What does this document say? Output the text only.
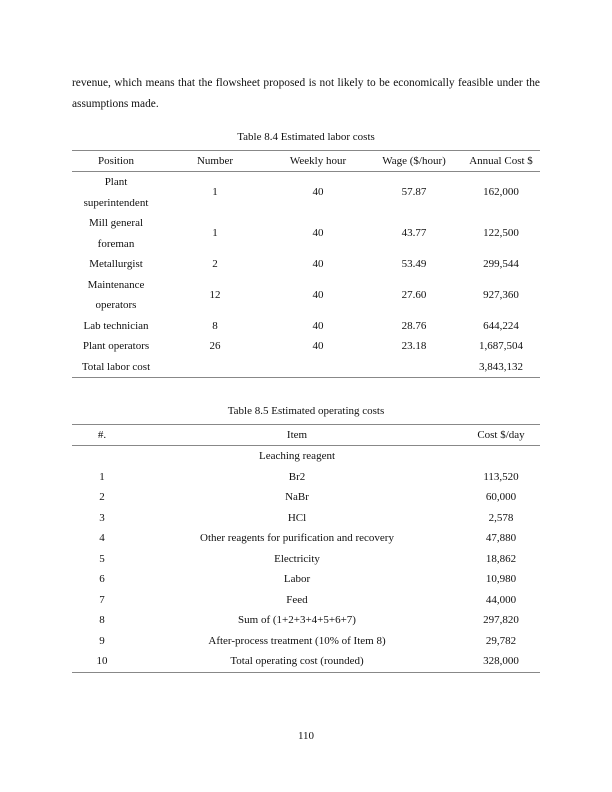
revenue, which means that the flowsheet proposed is not likely to be economically feasible under the assumptions made.

Table 8.4 Estimated labor costs
Position	Number	Weekly hour	Wage ($/hour)	Annual Cost $
Plant superintendent	1	40	57.87	162,000
Mill general foreman	1	40	43.77	122,500
Metallurgist	2	40	53.49	299,544
Maintenance operators	12	40	27.60	927,360
Lab technician	8	40	28.76	644,224
Plant operators	26	40	23.18	1,687,504
Total labor cost				3,843,132
Table 8.5 Estimated operating costs
#.	Item	Cost $/day
	Leaching reagent	
1	Br2	113,520
2	NaBr	60,000
3	HCl	2,578
4	Other reagents for purification and recovery	47,880
5	Electricity	18,862
6	Labor	10,980
7	Feed	44,000
8	Sum of (1+2+3+4+5+6+7)	297,820
9	After-process treatment (10% of Item 8)	29,782
10	Total operating cost (rounded)	328,000
110
